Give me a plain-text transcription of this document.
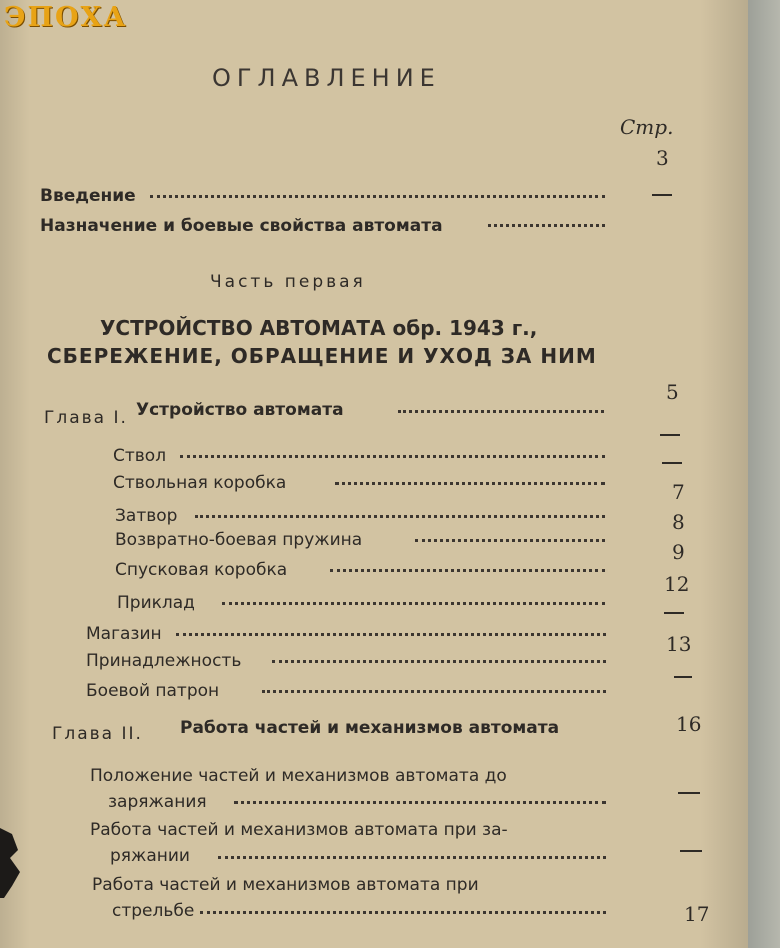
ЭПОХА
ОГЛАВЛЕНИЕ
Стр.
Введение
3
Назначение и боевые свойства автомата
Часть первая
УСТРОЙСТВО АВТОМАТА обр. 1943 г.,
СБЕРЕЖЕНИЕ, ОБРАЩЕНИЕ И УХОД ЗА НИМ
Глава I. Устройство автомата
5
Ствол
Ствольная коробка
Затвор
7
Возвратно-боевая пружина
8
Спусковая коробка
9
Приклад
12
Магазин
Принадлежность
13
Боевой патрон
Глава II. Работа частей и механизмов автомата	16
Положение частей и механизмов автомата до
заряжания
Работа частей и механизмов автомата при за-
ряжании
Работа частей и механизмов автомата при
стрельбе	17
